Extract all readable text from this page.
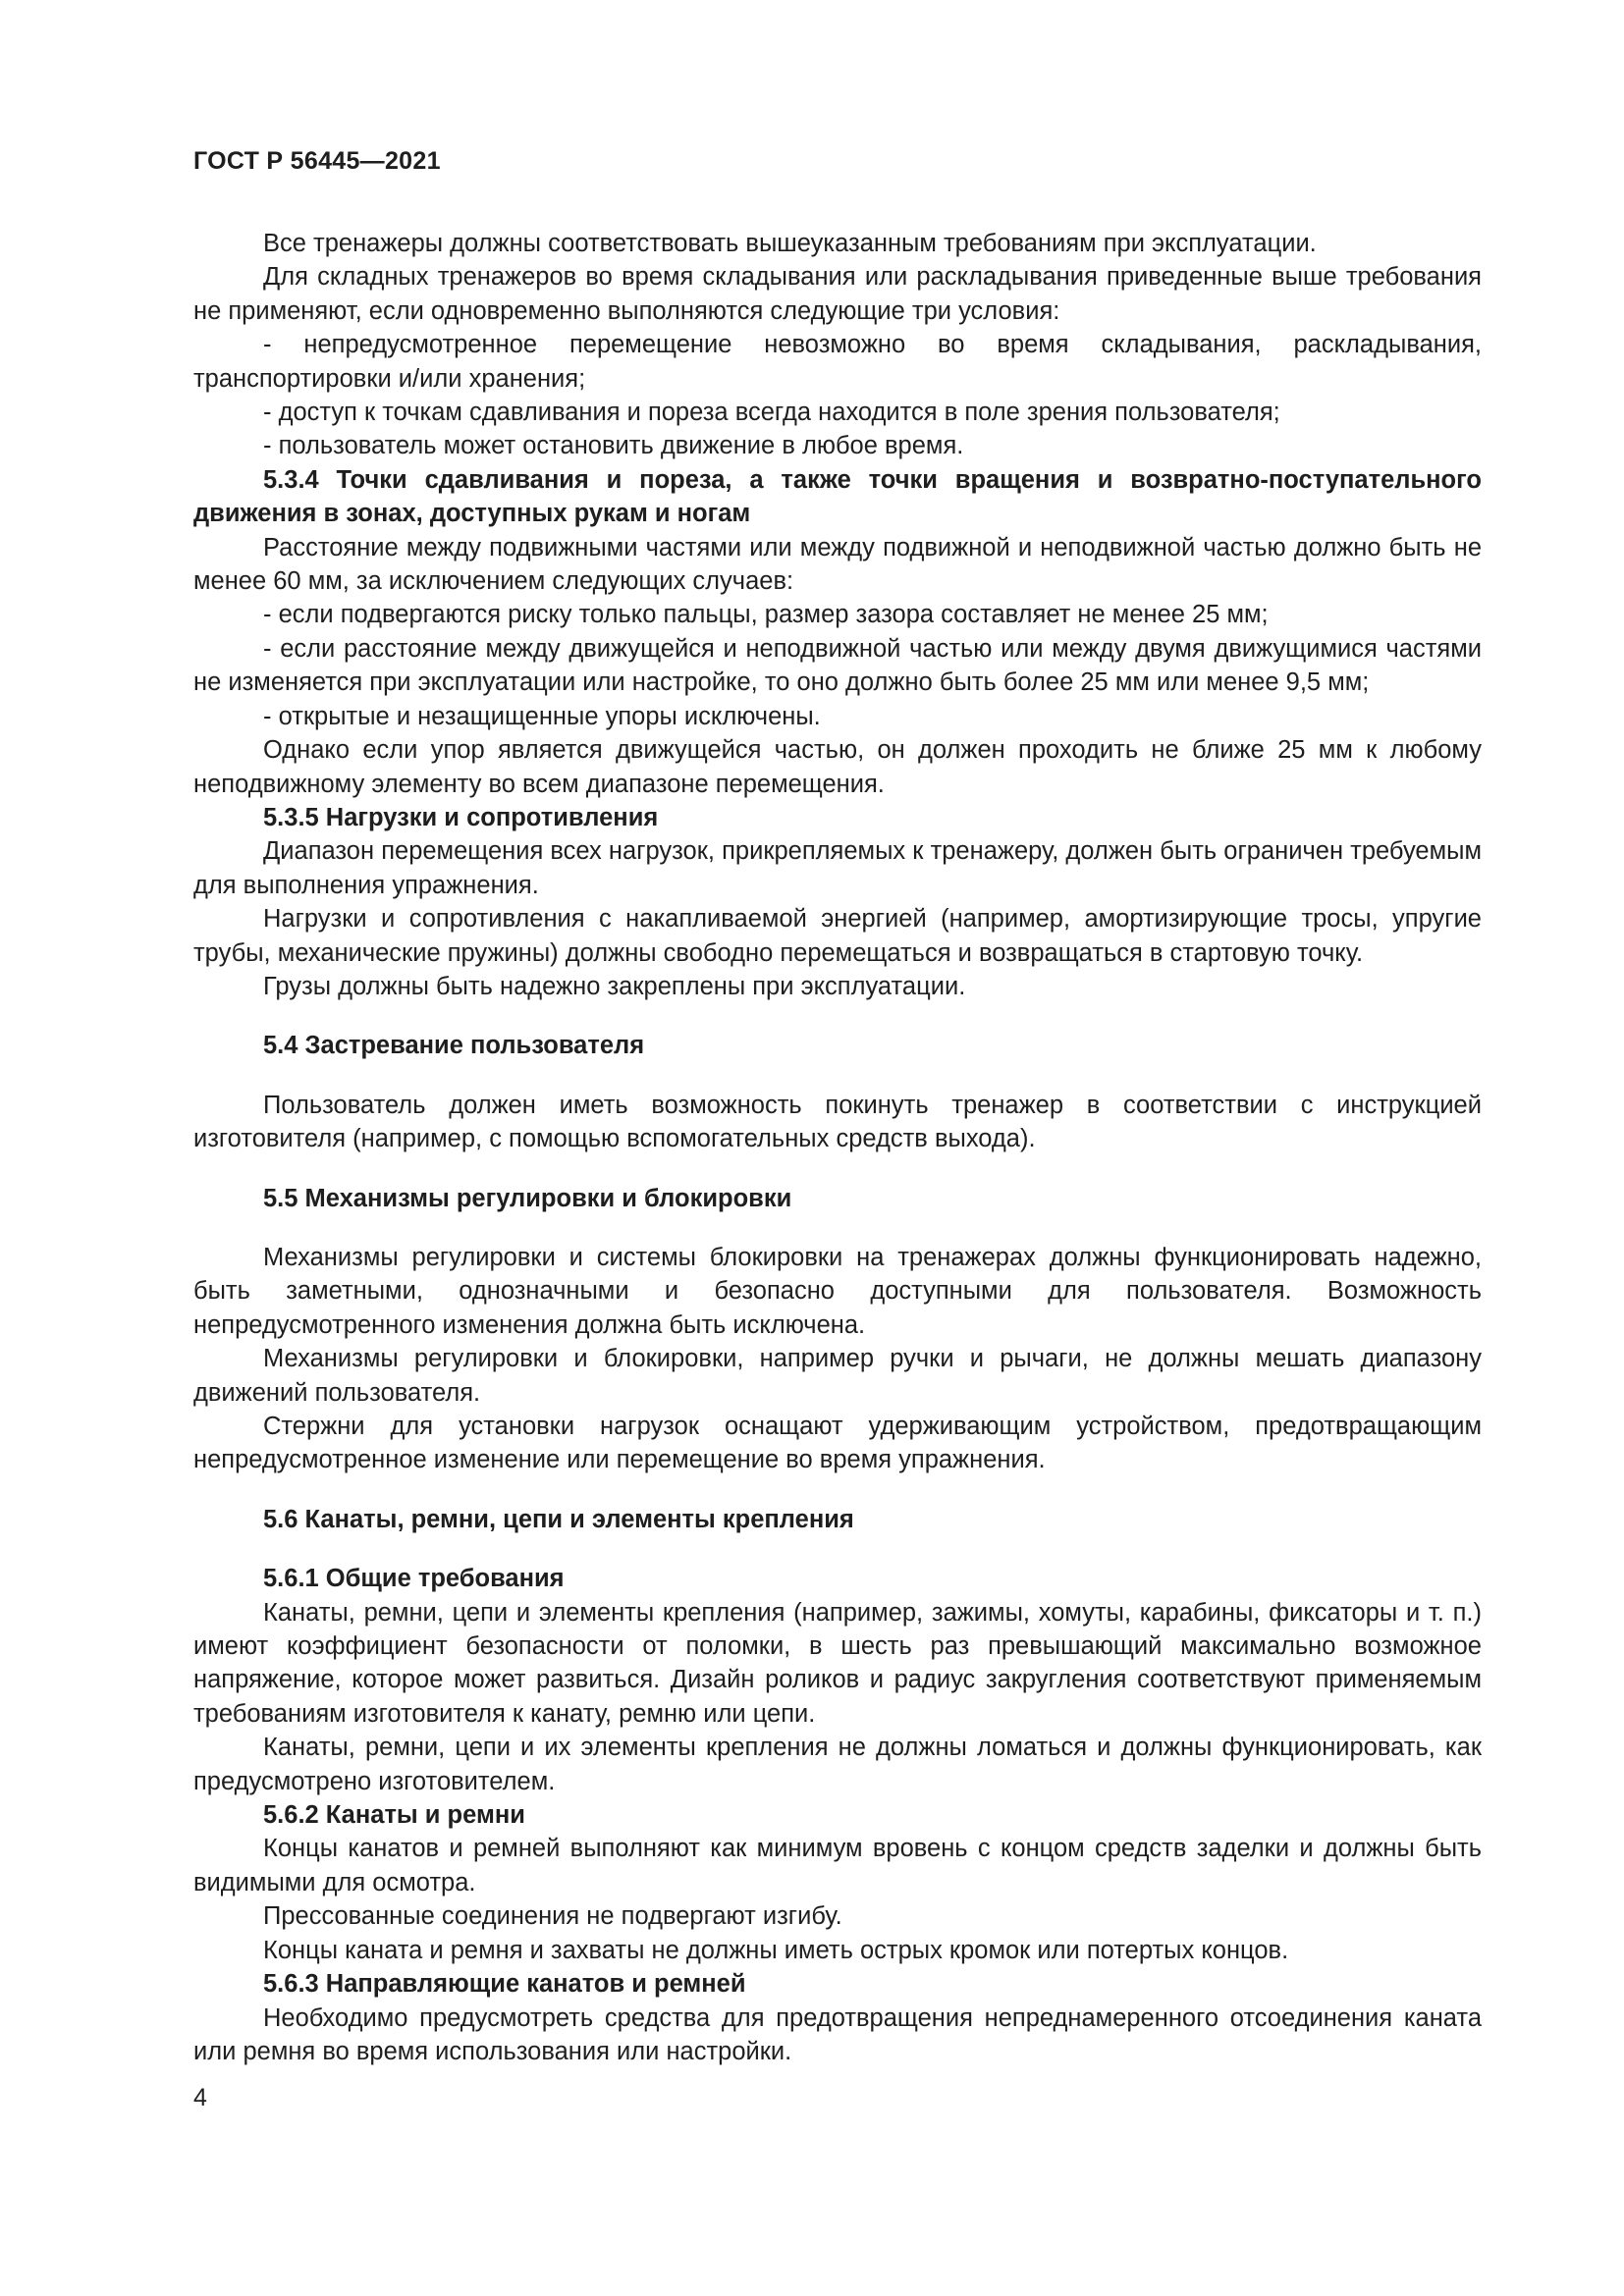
ГОСТ Р 56445—2021

Все тренажеры должны соответствовать вышеуказанным требованиям при эксплуатации.

Для складных тренажеров во время складывания или раскладывания приведенные выше требования не применяют, если одновременно выполняются следующие три условия:

- непредусмотренное перемещение невозможно во время складывания, раскладывания, транспортировки и/или хранения;

- доступ к точкам сдавливания и пореза всегда находится в поле зрения пользователя;

- пользователь может остановить движение в любое время.

5.3.4 Точки сдавливания и пореза, а также точки вращения и возвратно-поступательного движения в зонах, доступных рукам и ногам

Расстояние между подвижными частями или между подвижной и неподвижной частью должно быть не менее 60 мм, за исключением следующих случаев:

- если подвергаются риску только пальцы, размер зазора составляет не менее 25 мм;

- если расстояние между движущейся и неподвижной частью или между двумя движущимися частями не изменяется при эксплуатации или настройке, то оно должно быть более 25 мм или менее 9,5 мм;

- открытые и незащищенные упоры исключены.

Однако если упор является движущейся частью, он должен проходить не ближе 25 мм к любому неподвижному элементу во всем диапазоне перемещения.

5.3.5 Нагрузки и сопротивления

Диапазон перемещения всех нагрузок, прикрепляемых к тренажеру, должен быть ограничен требуемым для выполнения упражнения.

Нагрузки и сопротивления с накапливаемой энергией (например, амортизирующие тросы, упругие трубы, механические пружины) должны свободно перемещаться и возвращаться в стартовую точку.

Грузы должны быть надежно закреплены при эксплуатации.

5.4 Застревание пользователя

Пользователь должен иметь возможность покинуть тренажер в соответствии с инструкцией изготовителя (например, с помощью вспомогательных средств выхода).

5.5 Механизмы регулировки и блокировки

Механизмы регулировки и системы блокировки на тренажерах должны функционировать надежно, быть заметными, однозначными и безопасно доступными для пользователя. Возможность непредусмотренного изменения должна быть исключена.

Механизмы регулировки и блокировки, например ручки и рычаги, не должны мешать диапазону движений пользователя.

Стержни для установки нагрузок оснащают удерживающим устройством, предотвращающим непредусмотренное изменение или перемещение во время упражнения.

5.6 Канаты, ремни, цепи и элементы крепления

5.6.1 Общие требования

Канаты, ремни, цепи и элементы крепления (например, зажимы, хомуты, карабины, фиксаторы и т. п.) имеют коэффициент безопасности от поломки, в шесть раз превышающий максимально возможное напряжение, которое может развиться. Дизайн роликов и радиус закругления соответствуют применяемым требованиям изготовителя к канату, ремню или цепи.

Канаты, ремни, цепи и их элементы крепления не должны ломаться и должны функционировать, как предусмотрено изготовителем.

5.6.2 Канаты и ремни

Концы канатов и ремней выполняют как минимум вровень с концом средств заделки и должны быть видимыми для осмотра.

Прессованные соединения не подвергают изгибу.

Концы каната и ремня и захваты не должны иметь острых кромок или потертых концов.

5.6.3 Направляющие канатов и ремней

Необходимо предусмотреть средства для предотвращения непреднамеренного отсоединения каната или ремня во время использования или настройки.

4
